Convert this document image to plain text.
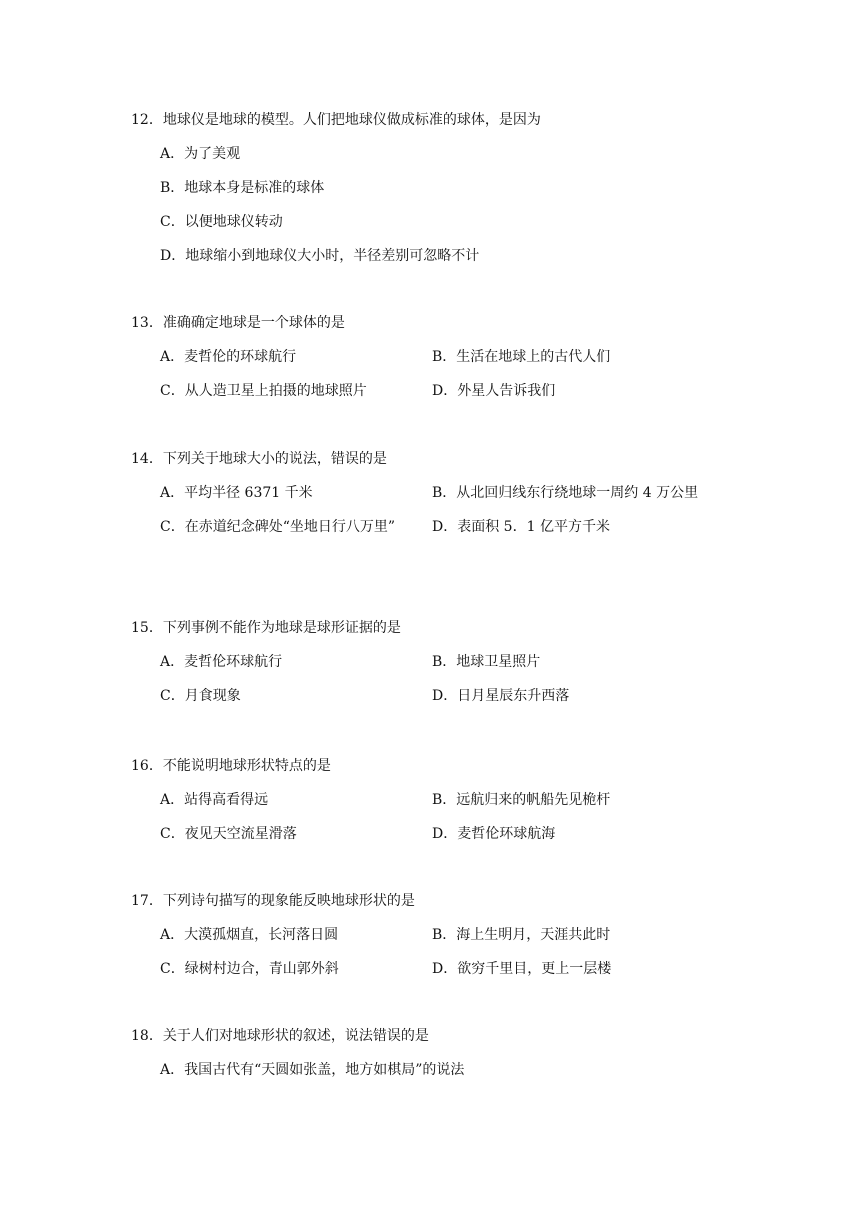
12．地球仪是地球的模型。人们把地球仪做成标准的球体，是因为
A．为了美观
B．地球本身是标准的球体
C．以便地球仪转动
D．地球缩小到地球仪大小时，半径差别可忽略不计
13．准确确定地球是一个球体的是
A．麦哲伦的环球航行	B．生活在地球上的古代人们
C．从人造卫星上拍摄的地球照片	D．外星人告诉我们
14．下列关于地球大小的说法，错误的是
A．平均半径 6371 千米	B．从北回归线东行绕地球一周约 4 万公里
C．在赤道纪念碑处“坐地日行八万里”	D．表面积 5．1 亿平方千米
15．下列事例不能作为地球是球形证据的是
A．麦哲伦环球航行	B．地球卫星照片
C．月食现象	D．日月星辰东升西落
16．不能说明地球形状特点的是
A．站得高看得远	B．远航归来的帆船先见桅杆
C．夜见天空流星滑落	D．麦哲伦环球航海
17．下列诗句描写的现象能反映地球形状的是
A．大漠孤烟直，长河落日圆	B．海上生明月，天涯共此时
C．绿树村边合，青山郭外斜	D．欲穷千里目，更上一层楼
18．关于人们对地球形状的叙述，说法错误的是
A．我国古代有“天圆如张盖，地方如棋局”的说法
